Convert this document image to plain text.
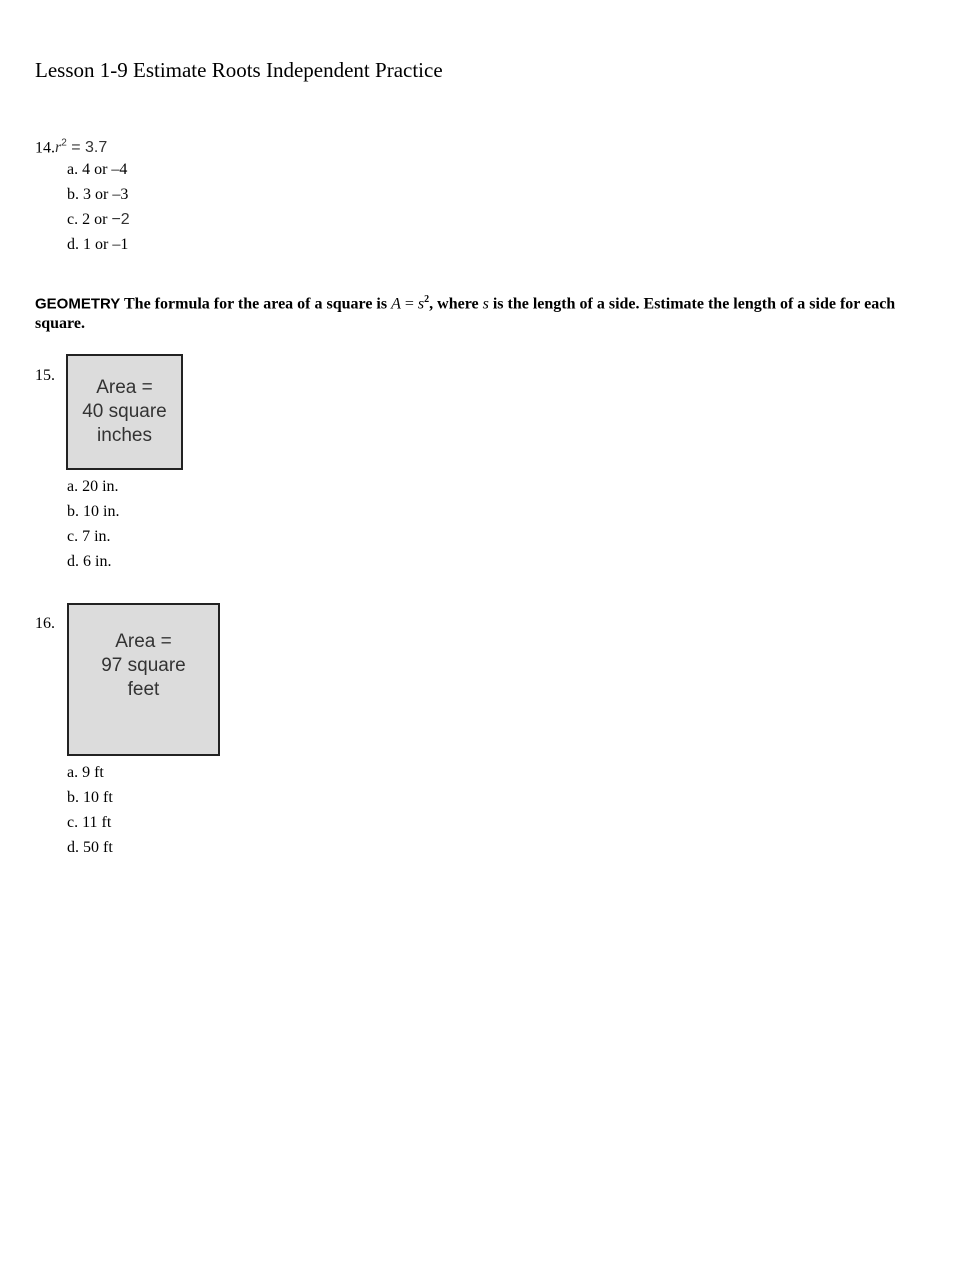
Lesson 1-9 Estimate Roots Independent Practice
$14.r^2 = 3.7$
a. 4 or –4
b. 3 or –3
c. 2 or −2
d. 1 or –1
GEOMETRY The formula for the area of a square is $A = s^2$, where s is the length of a side. Estimate the length of a side for each square.
15.
Area =
40 square
inches
a. 20 in.
b. 10 in.
c. 7 in.
d. 6 in.
16.
Area =
97 square
feet
a. 9 ft
b. 10 ft
c. 11 ft
d. 50 ft
